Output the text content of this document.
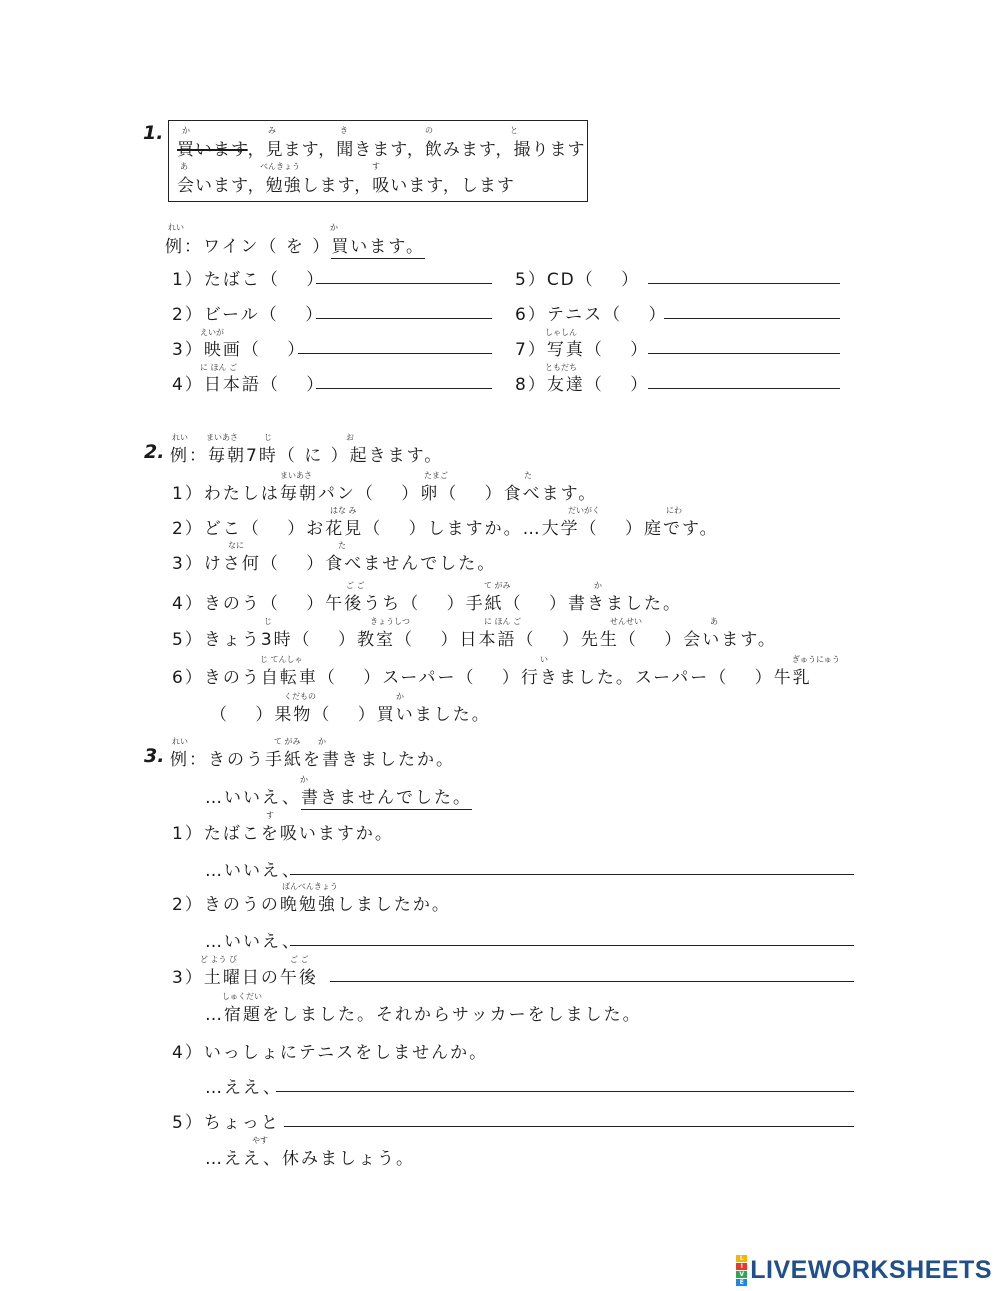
1.
買います，見ます，聞きます，飲みます，撮ります
会います，勉強します，吸います，します
か	み	き	の	と
あ	べんきょう	す
れい	か
例：ワイン（ を ）買います。
1）たばこ（　 ）
2）ビール（　 ）
えいが
3）映画（　 ）
に ほん ご
4）日本語（　 ）
5）CD（　 ）
6）テニス（　 ）
しゃしん
7）写真（　 ）
ともだち
8）友達（　 ）
2.
れい まいあさ	じ	お
例：毎朝7時（ に ）起きます。
まいあさ	たまご	た
1）わたしは毎朝パン（　 ）卵（　 ）食べます。
はな み	だいがく	にわ
2）どこ（　 ）お花見（　 ）しますか。…大学（　 ）庭です。
なに	た
3）けさ何（　 ）食べませんでした。
ご ご	て がみ	か
4）きのう（　 ）午後うち（　 ）手紙（　 ）書きました。
じ	きょうしつ	に ほん ご	せんせい	あ
5）きょう3時（　 ）教室（　 ）日本語（　 ）先生（　 ）会います。
じ てんしゃ	い	ぎゅうにゅう
6）きのう自転車（　 ）スーパー（　 ）行きました。スーパー（　 ）牛乳
くだもの	か
（　 ）果物（　 ）買いました。
3.
れい	て がみ か
例：きのう手紙を書きましたか。
か
…いいえ、書きませんでした。
す
1）たばこを吸いますか。
…いいえ、
ばんべんきょう
2）きのうの晩勉強しましたか。
…いいえ、
ど よう び	ご ご
3）土曜日の午後
しゅくだい
…宿題をしました。それからサッカーをしました。
4）いっしょにテニスをしませんか。
…ええ、
5）ちょっと
やす
…ええ、休みましょう。
L
I
V
E LIVEWORKSHEETS
